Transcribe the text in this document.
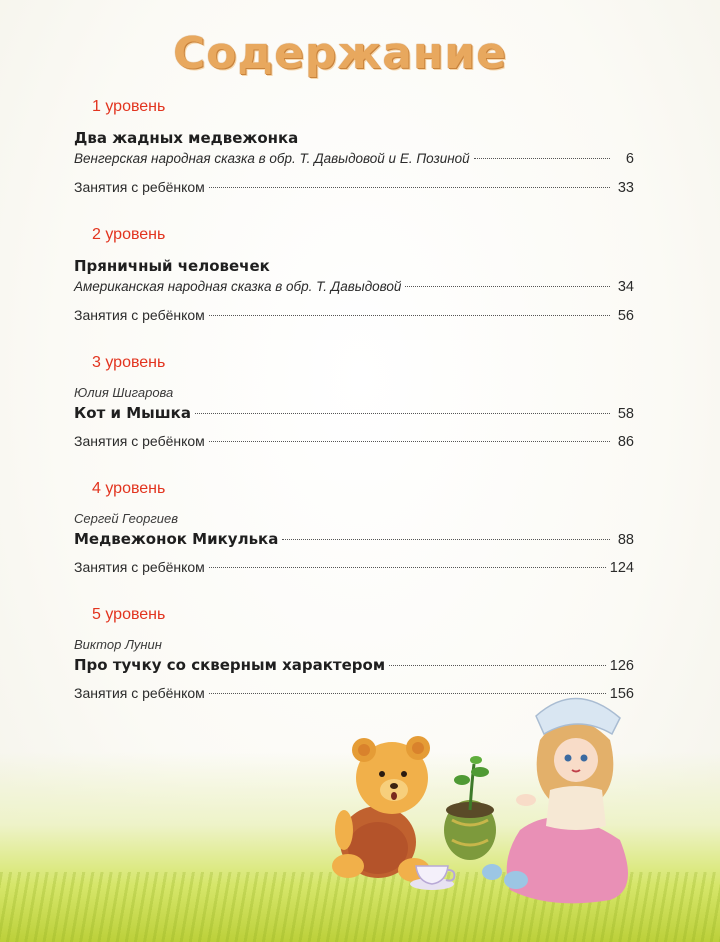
Содержание
1 уровень
Два жадных медвежонка
Венгерская народная сказка в обр. Т. Давыдовой и Е. Позиной	6
Занятия с ребёнком	33
2 уровень
Пряничный человечек
Американская народная сказка в обр. Т. Давыдовой	34
Занятия с ребёнком	56
3 уровень
Юлия Шигарова
Кот и Мышка	58
Занятия с ребёнком	86
4 уровень
Сергей Георгиев
Медвежонок Микулька	88
Занятия с ребёнком	124
5 уровень
Виктор Лунин
Про тучку со скверным характером	126
Занятия с ребёнком	156
